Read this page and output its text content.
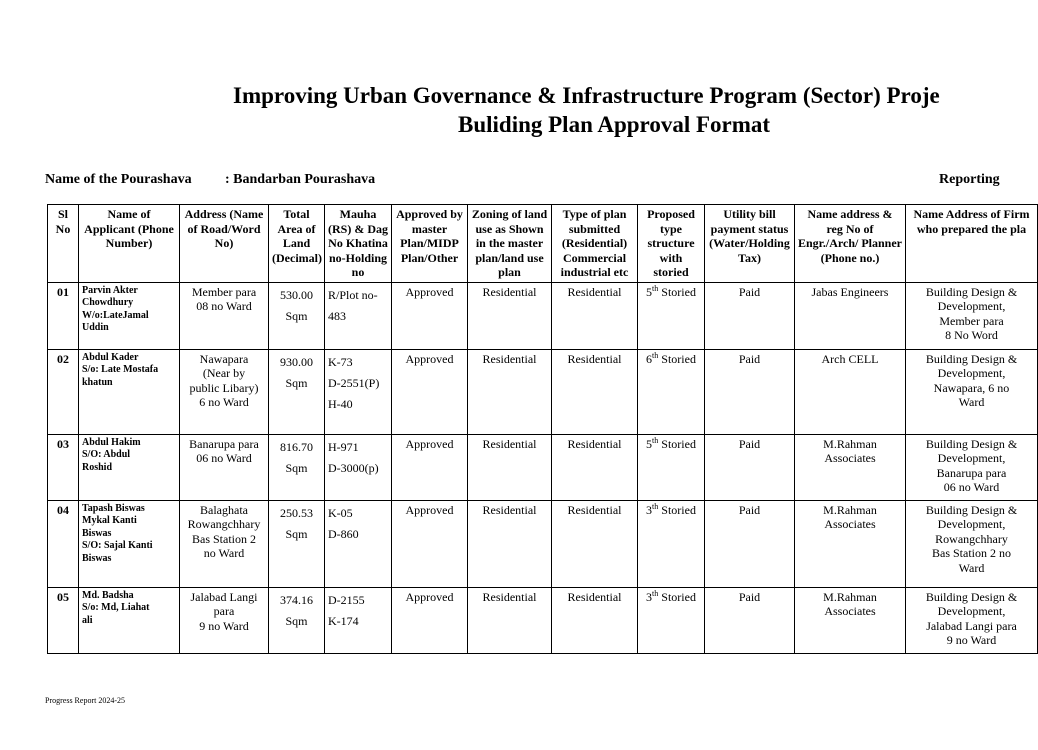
Improving Urban Governance & Infrastructure Program (Sector) Proje
Buliding Plan Approval Format
Name of the Pourashava : Bandarban Pourashava	Reporting
Sl No	Name of Applicant (Phone Number)	Address (Name of Road/Word No)	Total Area of Land (Decimal)	Mauha (RS) & Dag No Khatina no-Holding no	Approved by master Plan/MIDP Plan/Other	Zoning of land use as Shown in the master plan/land use plan	Type of plan submitted (Residential) Commercial industrial etc	Proposed type structure with storied	Utility bill payment status (Water/Holding Tax)	Name address & reg No of Engr./Arch/ Planner (Phone no.)	Name Address of Firm who prepared the pla
01	Parvin Akter
Chowdhury
W/o:LateJamal
Uddin	Member para
08 no Ward	530.00
Sqm	R/Plot no-
483	Approved	Residential	Residential	5th Storied	Paid	Jabas Engineers	Building Design &
Development,
Member para
8 No Word
02	Abdul Kader
S/o: Late Mostafa
khatun	Nawapara
(Near by
public Libary)
6 no Ward	930.00
Sqm	K-73
D-2551(P)
H-40	Approved	Residential	Residential	6th Storied	Paid	Arch CELL	Building Design &
Development,
Nawapara, 6 no
Ward
03	Abdul Hakim
S/O: Abdul
Roshid	Banarupa para
06 no Ward	816.70
Sqm	H-971
D-3000(p)	Approved	Residential	Residential	5th Storied	Paid	M.Rahman Associates	Building Design &
Development,
Banarupa para
06 no Ward
04	Tapash Biswas
Mykal Kanti
Biswas
S/O: Sajal Kanti
Biswas	Balaghata
Rowangchhary
Bas Station 2
no Ward	250.53
Sqm	K-05
D-860	Approved	Residential	Residential	3th Storied	Paid	M.Rahman Associates	Building Design &
Development,
Rowangchhary
Bas Station 2 no
Ward
05	Md. Badsha
S/o: Md, Liahat
ali	Jalabad Langi
para
9 no Ward	374.16
Sqm	D-2155
K-174	Approved	Residential	Residential	3th Storied	Paid	M.Rahman Associates	Building Design &
Development,
Jalabad Langi para
9 no Ward
Progress Report 2024-25
